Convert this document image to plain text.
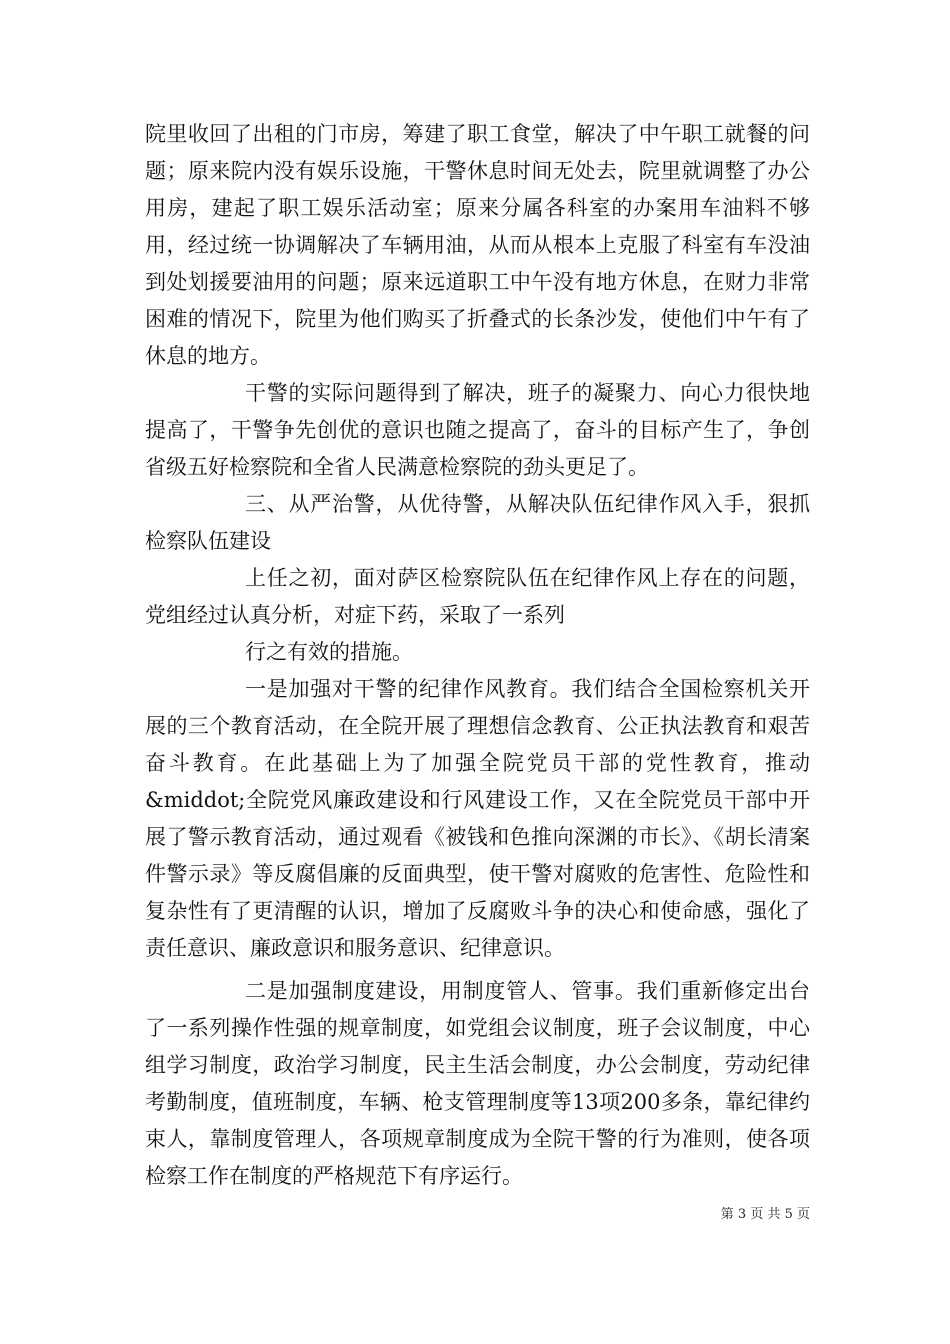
院里收回了出租的门市房，筹建了职工食堂，解决了中午职工就餐的问题；原来院内没有娱乐设施，干警休息时间无处去，院里就调整了办公用房，建起了职工娱乐活动室；原来分属各科室的办案用车油料不够用，经过统一协调解决了车辆用油，从而从根本上克服了科室有车没油到处划援要油用的问题；原来远道职工中午没有地方休息，在财力非常困难的情况下，院里为他们购买了折叠式的长条沙发，使他们中午有了休息的地方。

干警的实际问题得到了解决，班子的凝聚力、向心力很快地提高了，干警争先创优的意识也随之提高了，奋斗的目标产生了，争创省级五好检察院和全省人民满意检察院的劲头更足了。

三、从严治警，从优待警，从解决队伍纪律作风入手，狠抓检察队伍建设

上任之初，面对萨区检察院队伍在纪律作风上存在的问题，党组经过认真分析，对症下药，采取了一系列

行之有效的措施。

一是加强对干警的纪律作风教育。我们结合全国检察机关开展的三个教育活动，在全院开展了理想信念教育、公正执法教育和艰苦奋斗教育。在此基础上为了加强全院党员干部的党性教育，推动&middot;全院党风廉政建设和行风建设工作，又在全院党员干部中开展了警示教育活动，通过观看《被钱和色推向深渊的市长》、《胡长清案件警示录》等反腐倡廉的反面典型，使干警对腐败的危害性、危险性和复杂性有了更清醒的认识，增加了反腐败斗争的决心和使命感，强化了责任意识、廉政意识和服务意识、纪律意识。

二是加强制度建设，用制度管人、管事。我们重新修定出台了一系列操作性强的规章制度，如党组会议制度，班子会议制度，中心组学习制度，政治学习制度，民主生活会制度，办公会制度，劳动纪律考勤制度，值班制度，车辆、枪支管理制度等13项200多条，靠纪律约束人，靠制度管理人，各项规章制度成为全院干警的行为准则，使各项检察工作在制度的严格规范下有序运行。

第 3 页 共 5 页
